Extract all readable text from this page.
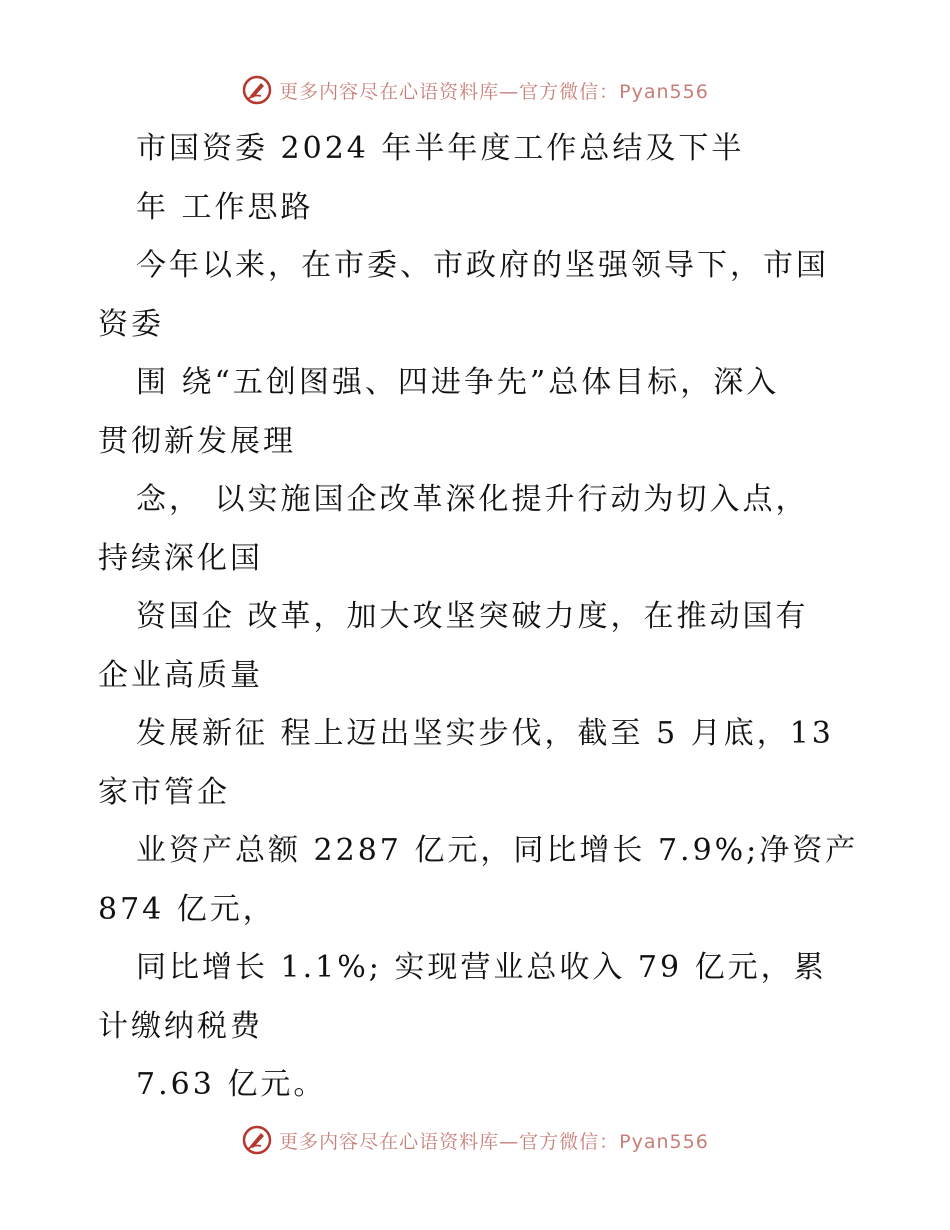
更多内容尽在心语资料库—官方微信：Pyan556
市国资委 2024 年半年度工作总结及下半
年 工作思路
今年以来，在市委、市政府的坚强领导下，市国
资委
围 绕“五创图强、四进争先”总体目标，深入
贯彻新发展理
念， 以实施国企改革深化提升行动为切入点，
持续深化国
资国企 改革，加大攻坚突破力度，在推动国有
企业高质量
发展新征 程上迈出坚实步伐，截至 5 月底，13
家市管企
业资产总额 2287 亿元，同比增长 7.9%;净资产
874 亿元，
同比增长 1.1%; 实现营业总收入 79 亿元，累
计缴纳税费
7.63 亿元。
更多内容尽在心语资料库—官方微信：Pyan556
